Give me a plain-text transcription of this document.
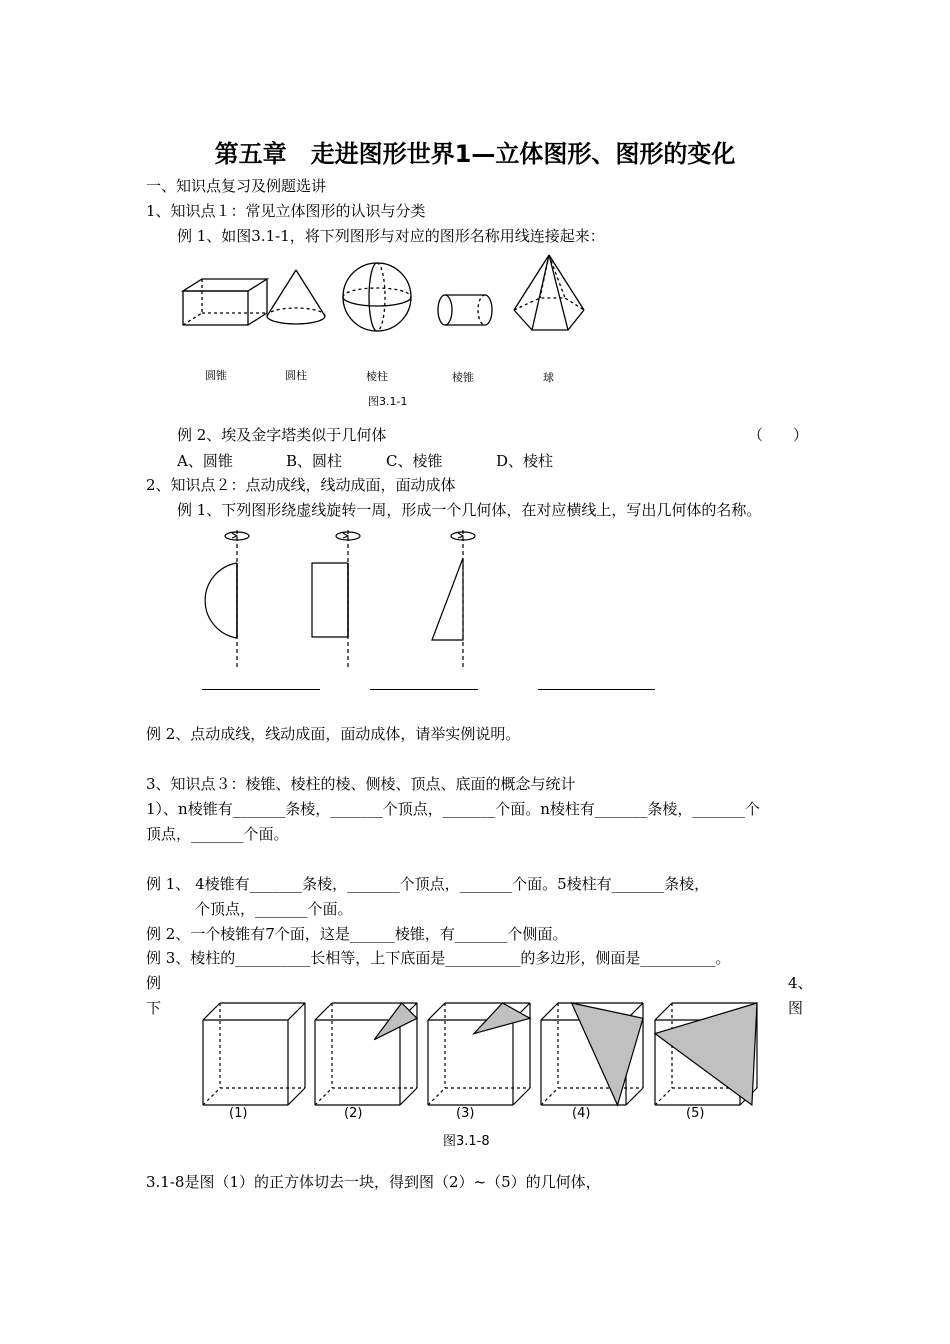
第五章　走进图形世界1—立体图形、图形的变化
一、知识点复习及例题选讲
1、知识点１：常见立体图形的认识与分类
例 1、如图3.1-1，将下列图形与对应的图形名称用线连接起来：
圆锥	圆柱	棱柱	棱锥	球
图3.1-1
例 2、埃及金字塔类似于几何体	（　　）
A、圆锥	B、圆柱	C、棱锥	D、棱柱
2、知识点２：点动成线，线动成面，面动成体
例 1、下列图形绕虚线旋转一周，形成一个几何体，在对应横线上，写出几何体的名称。
例 2、点动成线，线动成面，面动成体，请举实例说明。
3、知识点３：棱锥、棱柱的棱、侧棱、顶点、底面的概念与统计
1）、n棱锥有_______条棱，_______个顶点，_______个面。n棱柱有_______条棱，_______个
顶点，_______个面。
例 1、 4棱锥有_______条棱，_______个顶点，_______个面。5棱柱有_______条棱，
个顶点，_______个面。
例 2、一个棱锥有7个面，这是______棱锥，有_______个侧面。
例 3、棱柱的__________长相等，上下底面是__________的多边形，侧面是__________。
例
下
4、
图
(1)	(2)	(3)	(4)	(5)
图3.1-8
3.1-8是图（1）的正方体切去一块，得到图（2）~（5）的几何体，
